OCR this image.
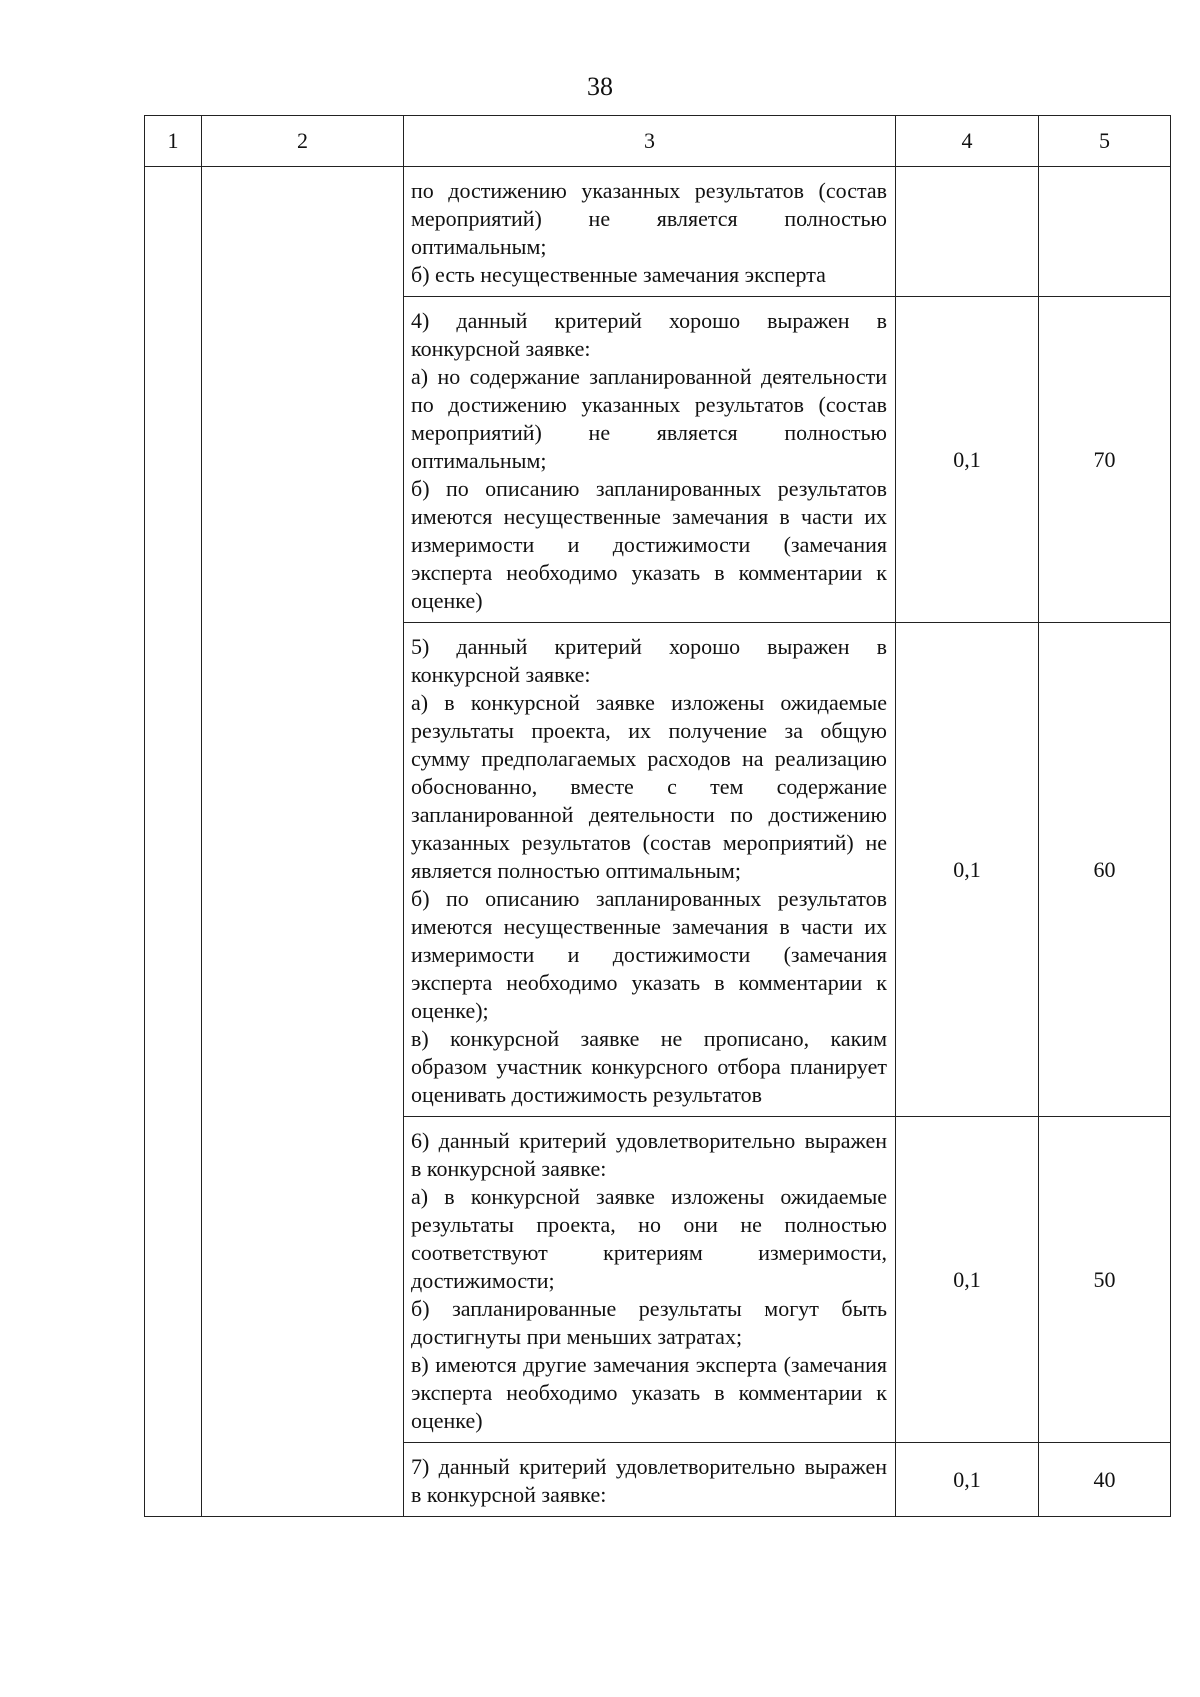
38
1	2	3	4	5

		по достижению указанных результатов (состав мероприятий) не является полностью оптимальным;
б) есть несущественные замечания эксперта		

		4) данный критерий хорошо выражен в конкурсной заявке:
а) но содержание запланированной деятельности по достижению указанных результатов (состав мероприятий) не является полностью оптимальным;
б) по описанию запланированных результатов имеются несущественные замечания в части их измеримости и достижимости (замечания эксперта необходимо указать в комментарии к оценке)	0,1	70

		5) данный критерий хорошо выражен в конкурсной заявке:
а) в конкурсной заявке изложены ожидаемые результаты проекта, их получение за общую сумму предполагаемых расходов на реализацию обоснованно, вместе с тем содержание запланированной деятельности по достижению указанных результатов (состав мероприятий) не является полностью оптимальным;
б) по описанию запланированных результатов имеются несущественные замечания в части их измеримости и достижимости (замечания эксперта необходимо указать в комментарии к оценке);
в) конкурсной заявке не прописано, каким образом участник конкурсного отбора планирует оценивать достижимость результатов	0,1	60

		6) данный критерий удовлетворительно выражен в конкурсной заявке:
а) в конкурсной заявке изложены ожидаемые результаты проекта, но они не полностью соответствуют критериям измеримости, достижимости;
б) запланированные результаты могут быть достигнуты при меньших затратах;
в) имеются другие замечания эксперта (замечания эксперта необходимо указать в комментарии к оценке)	0,1	50

		7) данный критерий удовлетворительно выражен в конкурсной заявке:	0,1	40
